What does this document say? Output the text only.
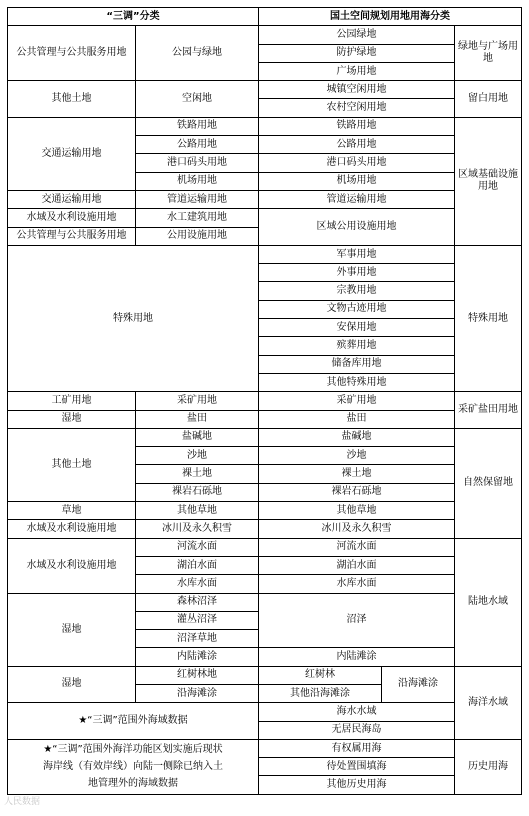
“三调”分类		国土空间规划用地用海分类		
公共管理与公共服务用地	公园与绿地	公园绿地		绿地与广场用地
		防护绿地		
		广场用地		
其他土地	空闲地	城镇空闲用地		留白用地
		农村空闲用地		
交通运输用地	铁路用地	铁路用地		区域基础设施用地
	公路用地	公路用地		
	港口码头用地	港口码头用地		
	机场用地	机场用地		
交通运输用地	管道运输用地	管道运输用地		
水域及水利设施用地	水工建筑用地	区域公用设施用地		
公共管理与公共服务用地	公用设施用地			
特殊用地		军事用地		特殊用地
		外事用地		
		宗教用地		
		文物古迹用地		
		安保用地		
		殡葬用地		
		储备库用地		
		其他特殊用地		
工矿用地	采矿用地	采矿用地		采矿盐田用地
湿地	盐田	盐田		
其他土地	盐碱地	盐碱地		自然保留地
	沙地	沙地		
	裸土地	裸土地		
	裸岩石砾地	裸岩石砾地		
草地	其他草地	其他草地		
水域及水利设施用地	冰川及永久积雪	冰川及永久积雪		
水域及水利设施用地	河流水面	河流水面		陆地水域
	湖泊水面	湖泊水面		
	水库水面	水库水面		
湿地	森林沼泽	沼泽		
	灌丛沼泽			
	沼泽草地			
	内陆滩涂	内陆滩涂		
湿地	红树林地	红树林	沿海滩涂	海洋水域
	沿海滩涂	其他沿海滩涂		
★“三调”范围外海域数据		海水水域		
		无居民海岛		
★“三调”范围外海洋功能区划实施后现状海岸线（有效岸线）向陆一侧除已纳入土地管理外的海域数据		有权属用海		历史用海
		待处置围填海		
		其他历史用海		
人民数据
